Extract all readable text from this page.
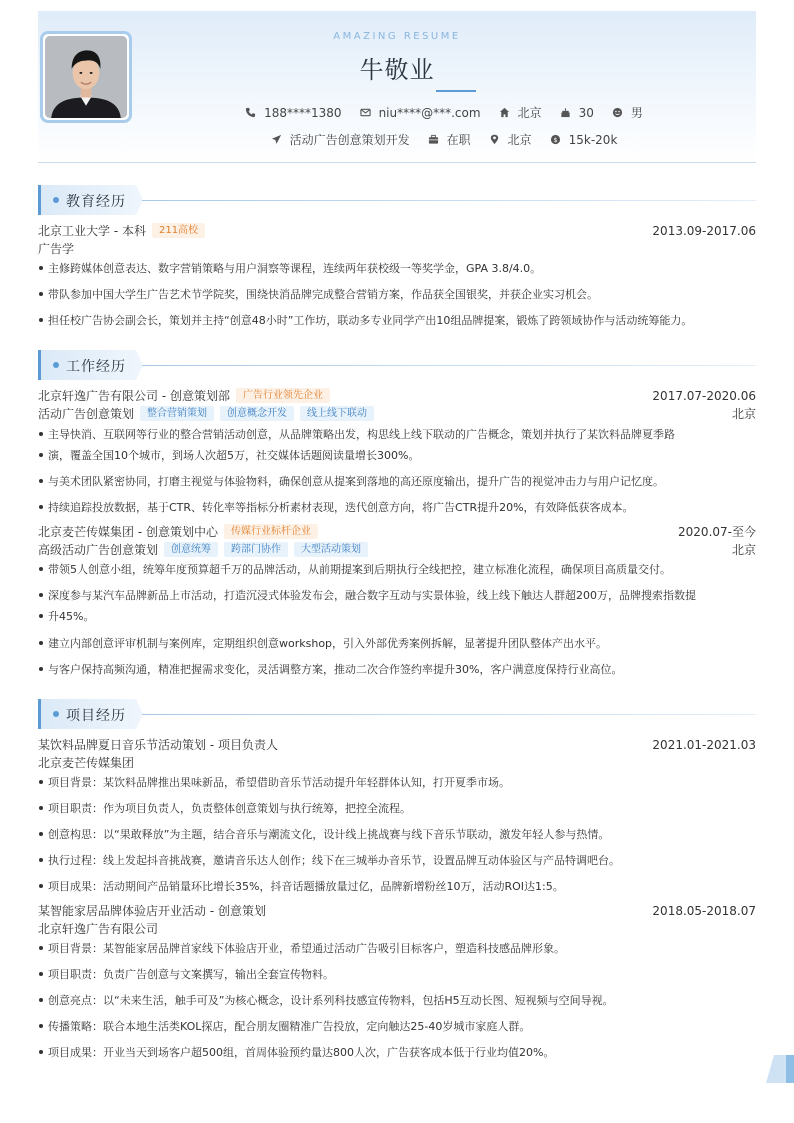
AMAZING RESUME
牛敬业
188****1380	niu****@***.com	北京	30	男
活动广告创意策划开发	在职	北京	$ 15k-20k
教育经历
北京工业大学 - 本科	211高校	2013.09-2017.06
广告学
主修跨媒体创意表达、数字营销策略与用户洞察等课程，连续两年获校级一等奖学金，GPA 3.8/4.0。
带队参加中国大学生广告艺术节学院奖，围绕快消品牌完成整合营销方案，作品获全国银奖，并获企业实习机会。
担任校广告协会副会长，策划并主持“创意48小时”工作坊，联动多专业同学产出10组品牌提案，锻炼了跨领域协作与活动统筹能力。
工作经历
北京轩逸广告有限公司 - 创意策划部	广告行业领先企业	2017.07-2020.06
活动广告创意策划	整合营销策划	创意概念开发	线上线下联动	北京
主导快消、互联网等行业的整合营销活动创意，从品牌策略出发，构思线上线下联动的广告概念，策划并执行了某饮料品牌夏季路
演，覆盖全国10个城市，到场人次超5万，社交媒体话题阅读量增长300%。
与美术团队紧密协同，打磨主视觉与体验物料，确保创意从提案到落地的高还原度输出，提升广告的视觉冲击力与用户记忆度。
持续追踪投放数据，基于CTR、转化率等指标分析素材表现，迭代创意方向，将广告CTR提升20%，有效降低获客成本。
北京麦芒传媒集团 - 创意策划中心	传媒行业标杆企业	2020.07-至今
高级活动广告创意策划	创意统筹	跨部门协作	大型活动策划	北京
带领5人创意小组，统筹年度预算超千万的品牌活动，从前期提案到后期执行全线把控，建立标准化流程，确保项目高质量交付。
深度参与某汽车品牌新品上市活动，打造沉浸式体验发布会，融合数字互动与实景体验，线上线下触达人群超200万，品牌搜索指数提
升45%。
建立内部创意评审机制与案例库，定期组织创意workshop，引入外部优秀案例拆解，显著提升团队整体产出水平。
与客户保持高频沟通，精准把握需求变化，灵活调整方案，推动二次合作签约率提升30%，客户满意度保持行业高位。
项目经历
某饮料品牌夏日音乐节活动策划 - 项目负责人	2021.01-2021.03
北京麦芒传媒集团
项目背景：某饮料品牌推出果味新品，希望借助音乐节活动提升年轻群体认知，打开夏季市场。
项目职责：作为项目负责人，负责整体创意策划与执行统筹，把控全流程。
创意构思：以“果敢释放”为主题，结合音乐与潮流文化，设计线上挑战赛与线下音乐节联动，激发年轻人参与热情。
执行过程：线上发起抖音挑战赛，邀请音乐达人创作；线下在三城举办音乐节，设置品牌互动体验区与产品特调吧台。
项目成果：活动期间产品销量环比增长35%，抖音话题播放量过亿，品牌新增粉丝10万，活动ROI达1:5。
某智能家居品牌体验店开业活动 - 创意策划	2018.05-2018.07
北京轩逸广告有限公司
项目背景：某智能家居品牌首家线下体验店开业，希望通过活动广告吸引目标客户，塑造科技感品牌形象。
项目职责：负责广告创意与文案撰写，输出全套宣传物料。
创意亮点：以“未来生活，触手可及”为核心概念，设计系列科技感宣传物料，包括H5互动长图、短视频与空间导视。
传播策略：联合本地生活类KOL探店，配合朋友圈精准广告投放，定向触达25-40岁城市家庭人群。
项目成果：开业当天到场客户超500组，首周体验预约量达800人次，广告获客成本低于行业均值20%。
